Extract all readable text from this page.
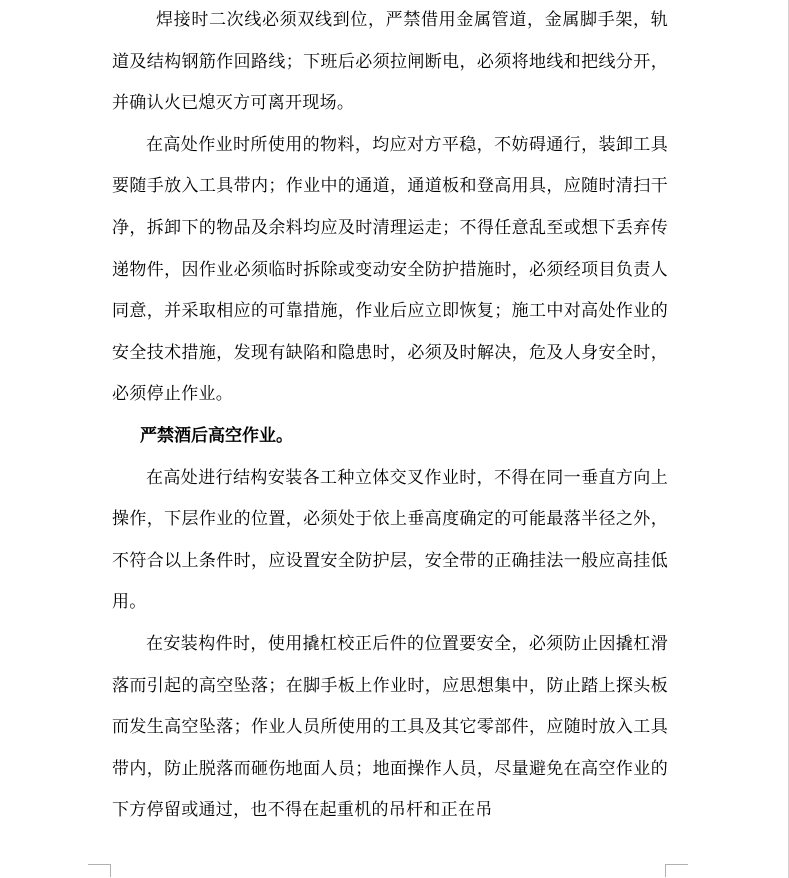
焊接时二次线必须双线到位，严禁借用金属管道，金属脚手架，轨道及结构钢筋作回路线；下班后必须拉闸断电，必须将地线和把线分开，并确认火已熄灭方可离开现场。

在高处作业时所使用的物料，均应对方平稳，不妨碍通行，装卸工具要随手放入工具带内；作业中的通道，通道板和登高用具，应随时清扫干净，拆卸下的物品及余料均应及时清理运走；不得任意乱至或想下丢弃传递物件，因作业必须临时拆除或变动安全防护措施时，必须经项目负责人同意，并采取相应的可靠措施，作业后应立即恢复；施工中对高处作业的安全技术措施，发现有缺陷和隐患时，必须及时解决，危及人身安全时，必须停止作业。

严禁酒后高空作业。

在高处进行结构安装各工种立体交叉作业时，不得在同一垂直方向上操作，下层作业的位置，必须处于依上垂高度确定的可能最落半径之外，不符合以上条件时，应设置安全防护层，安全带的正确挂法一般应高挂低用。

在安装构件时，使用撬杠校正后件的位置要安全，必须防止因撬杠滑落而引起的高空坠落；在脚手板上作业时，应思想集中，防止踏上探头板而发生高空坠落；作业人员所使用的工具及其它零部件，应随时放入工具带内，防止脱落而砸伤地面人员；地面操作人员，尽量避免在高空作业的下方停留或通过，也不得在起重机的吊杆和正在吊
